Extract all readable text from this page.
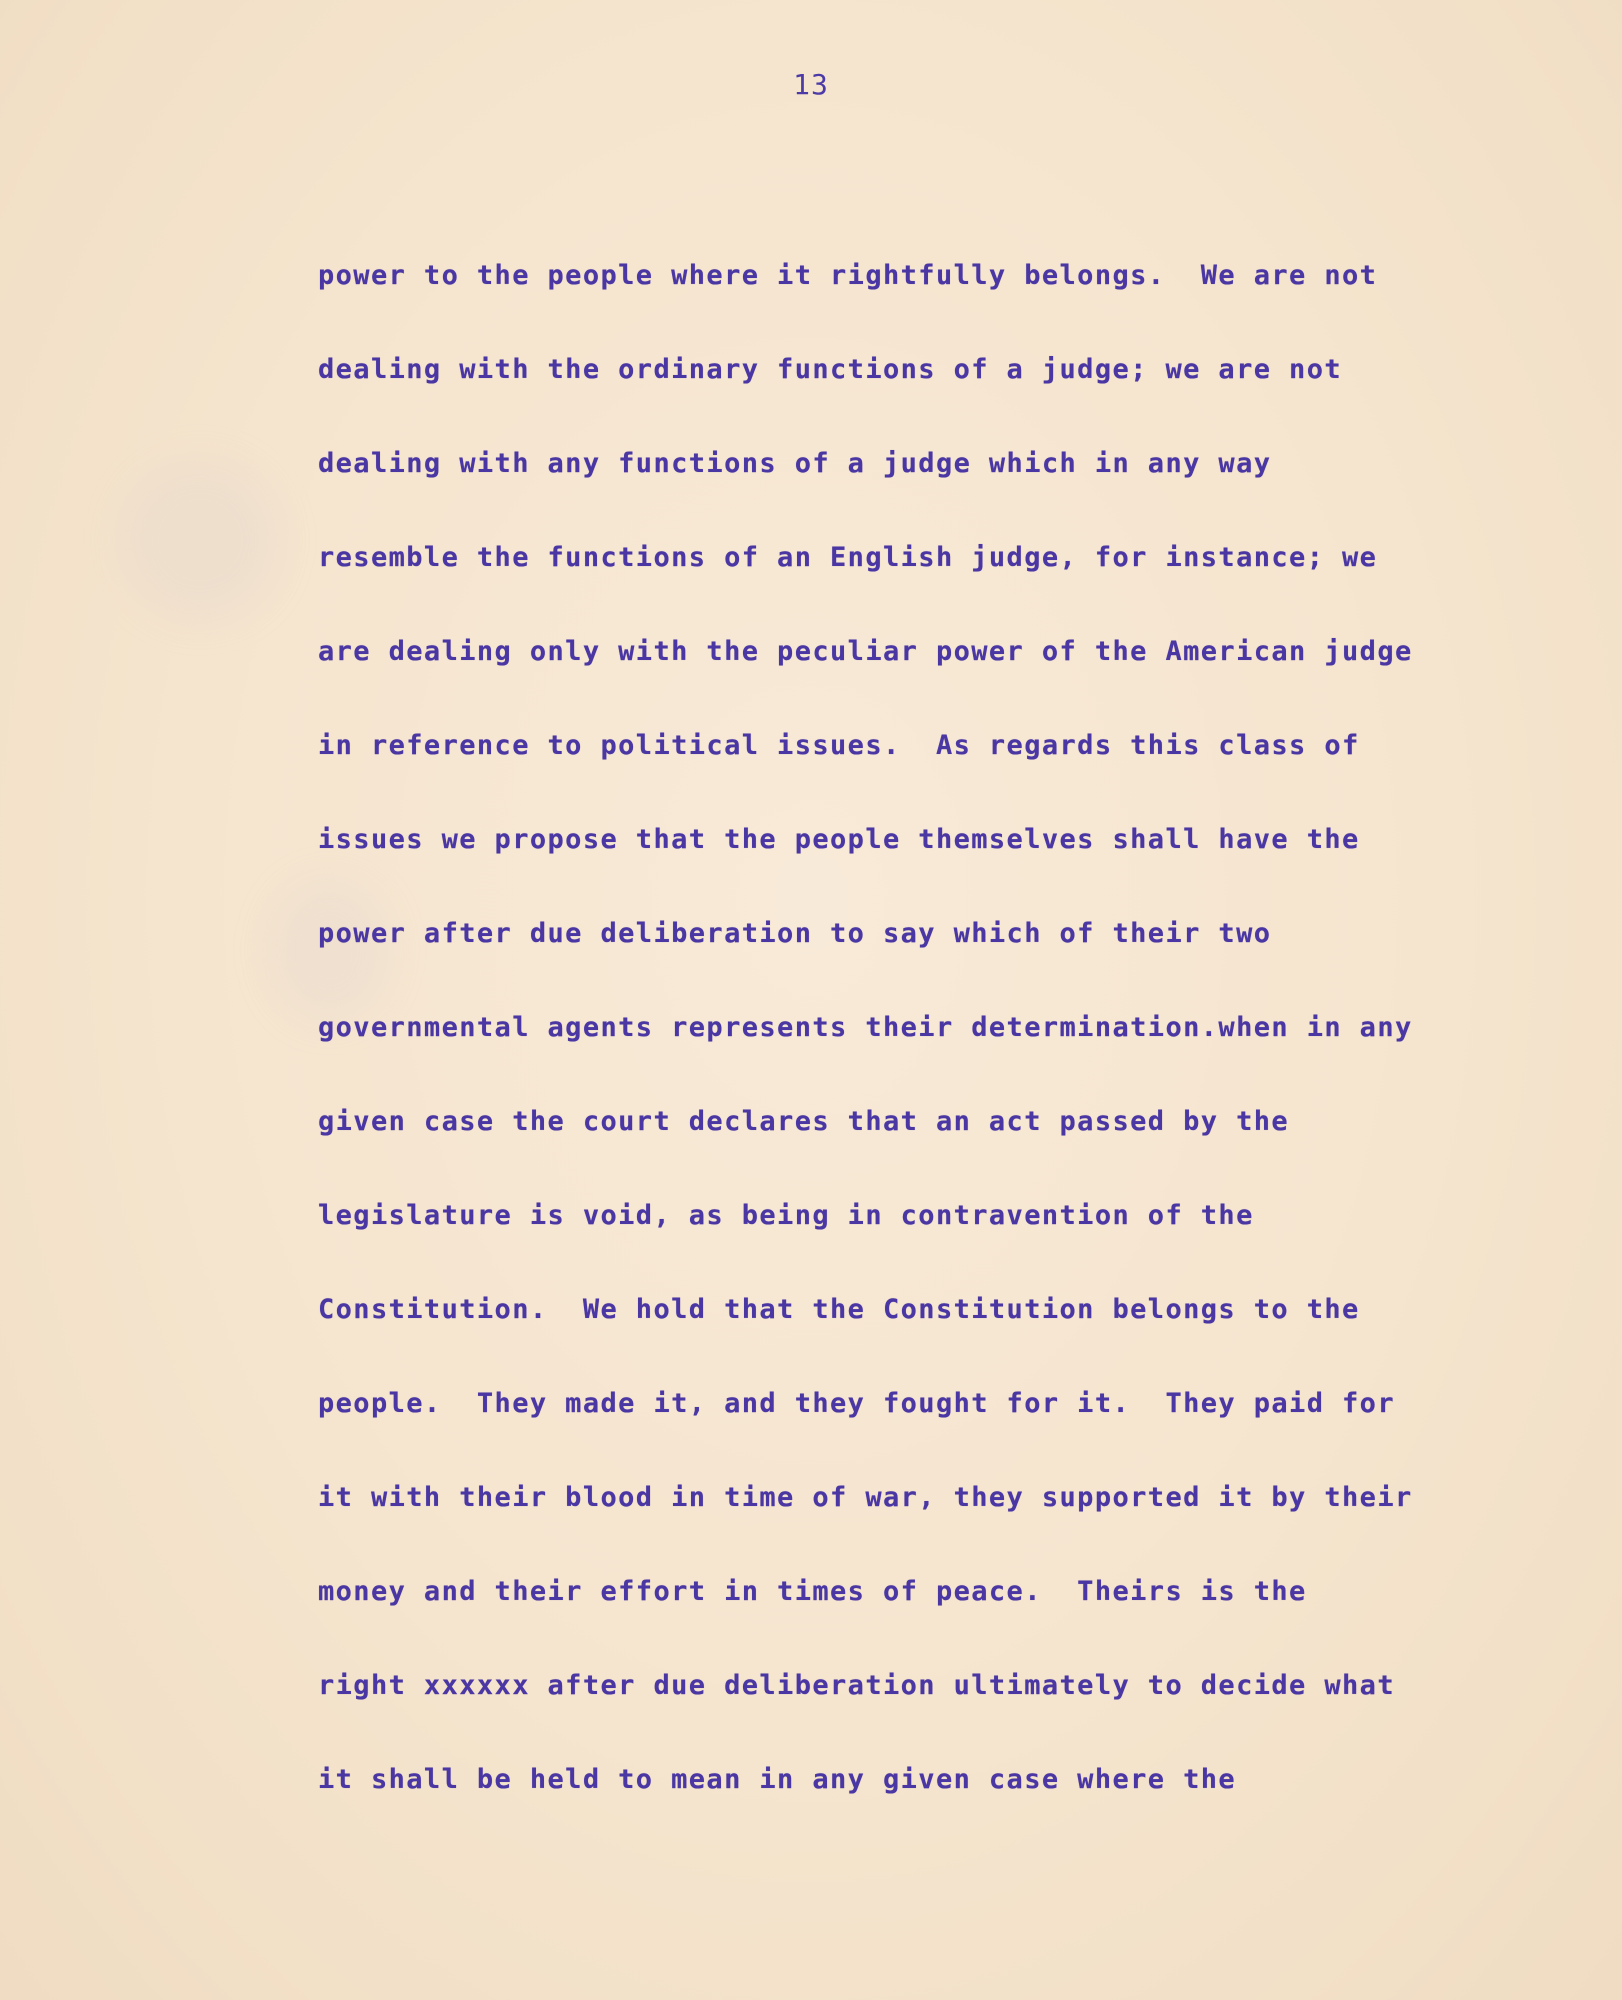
13
power to the people where it rightfully belongs.  We are not
dealing with the ordinary functions of a judge; we are not
dealing with any functions of a judge which in any way
resemble the functions of an English judge, for instance; we
are dealing only with the peculiar power of the American judge
in reference to political issues.  As regards this class of
issues we propose that the people themselves shall have the
power after due deliberation to say which of their two
governmental agents represents their determination.when in any
given case the court declares that an act passed by the
legislature is void, as being in contravention of the
Constitution.  We hold that the Constitution belongs to the
people.  They made it, and they fought for it.  They paid for
it with their blood in time of war, they supported it by their
money and their effort in times of peace.  Theirs is the
right xxxxxx after due deliberation ultimately to decide what
it shall be held to mean in any given case where the
